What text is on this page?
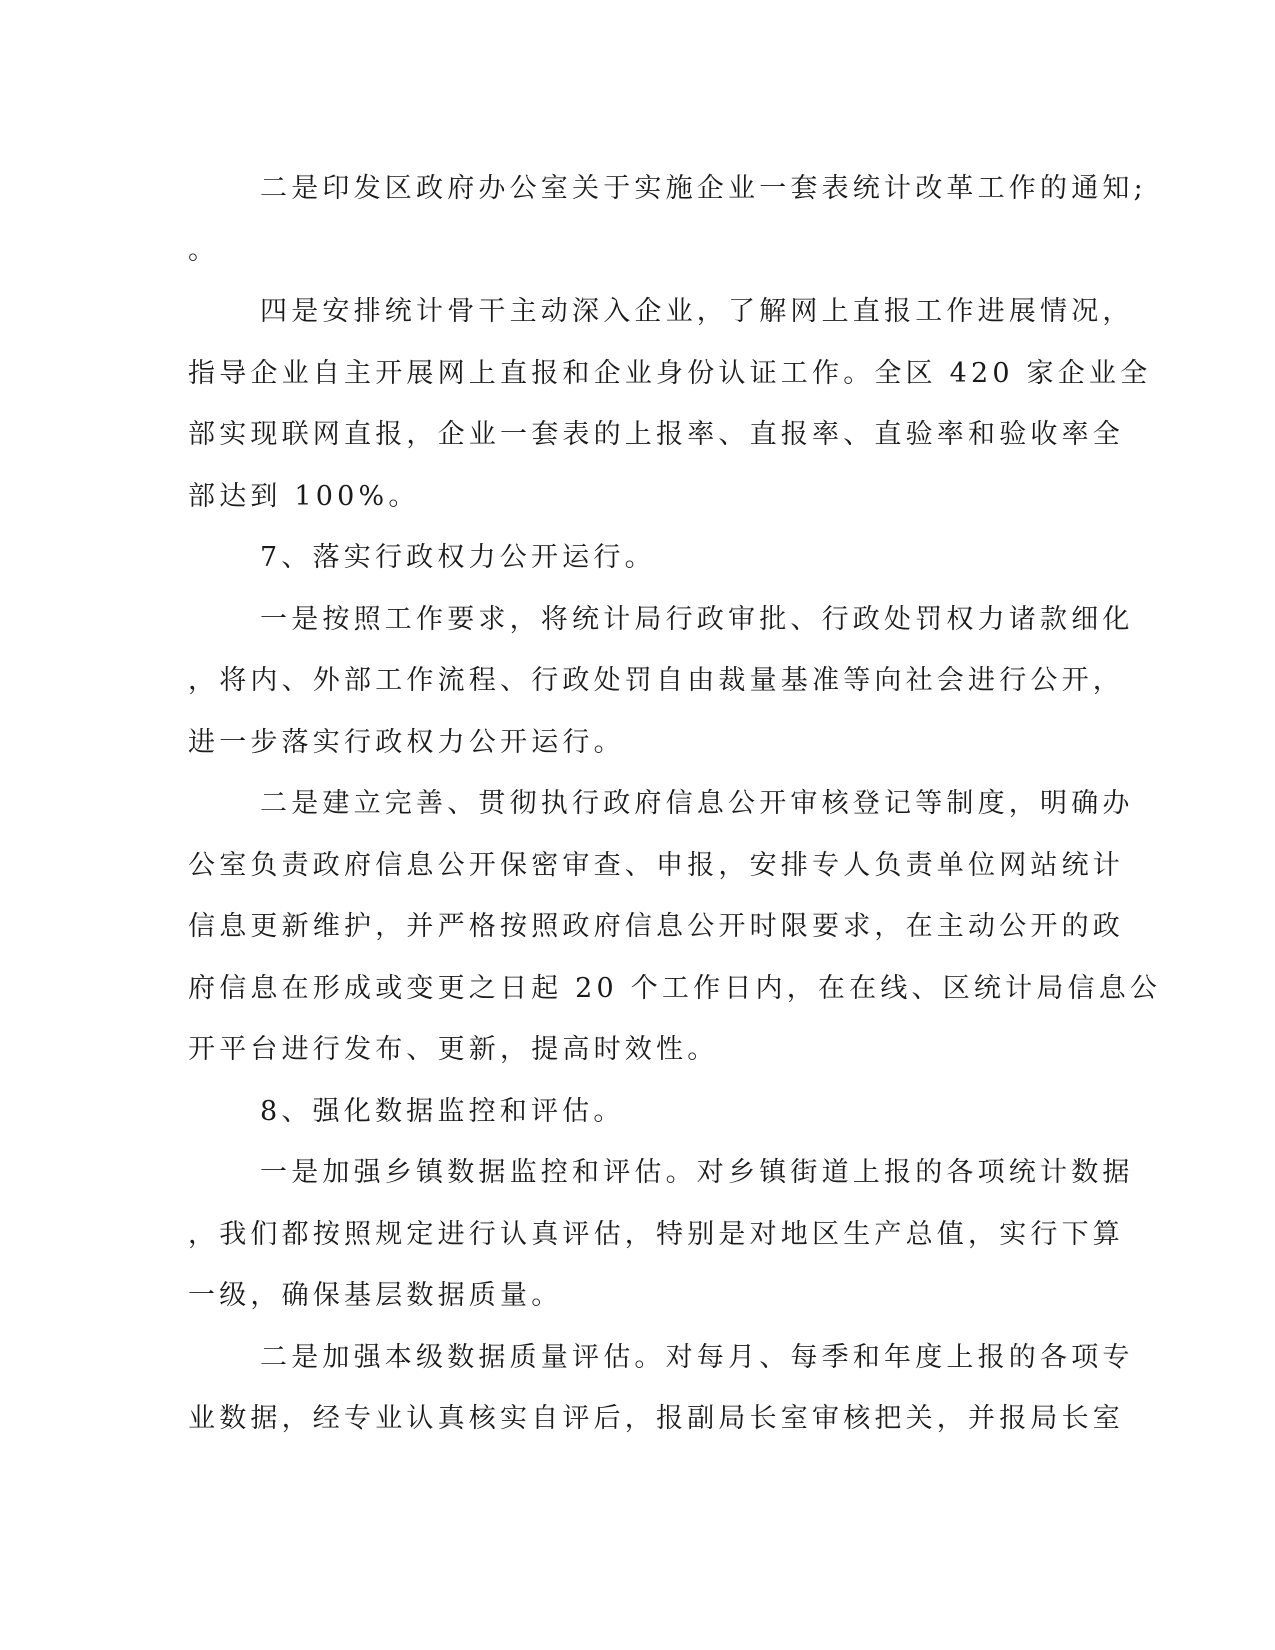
二是印发区政府办公室关于实施企业一套表统计改革工作的通知;
。
四是安排统计骨干主动深入企业，了解网上直报工作进展情况，
指导企业自主开展网上直报和企业身份认证工作。全区 420 家企业全
部实现联网直报，企业一套表的上报率、直报率、直验率和验收率全
部达到 100%。
7、落实行政权力公开运行。
一是按照工作要求，将统计局行政审批、行政处罚权力诸款细化
，将内、外部工作流程、行政处罚自由裁量基准等向社会进行公开，
进一步落实行政权力公开运行。
二是建立完善、贯彻执行政府信息公开审核登记等制度，明确办
公室负责政府信息公开保密审查、申报，安排专人负责单位网站统计
信息更新维护，并严格按照政府信息公开时限要求，在主动公开的政
府信息在形成或变更之日起 20 个工作日内，在在线、区统计局信息公
开平台进行发布、更新，提高时效性。
8、强化数据监控和评估。
一是加强乡镇数据监控和评估。对乡镇街道上报的各项统计数据
，我们都按照规定进行认真评估，特别是对地区生产总值，实行下算
一级，确保基层数据质量。
二是加强本级数据质量评估。对每月、每季和年度上报的各项专
业数据，经专业认真核实自评后，报副局长室审核把关，并报局长室
